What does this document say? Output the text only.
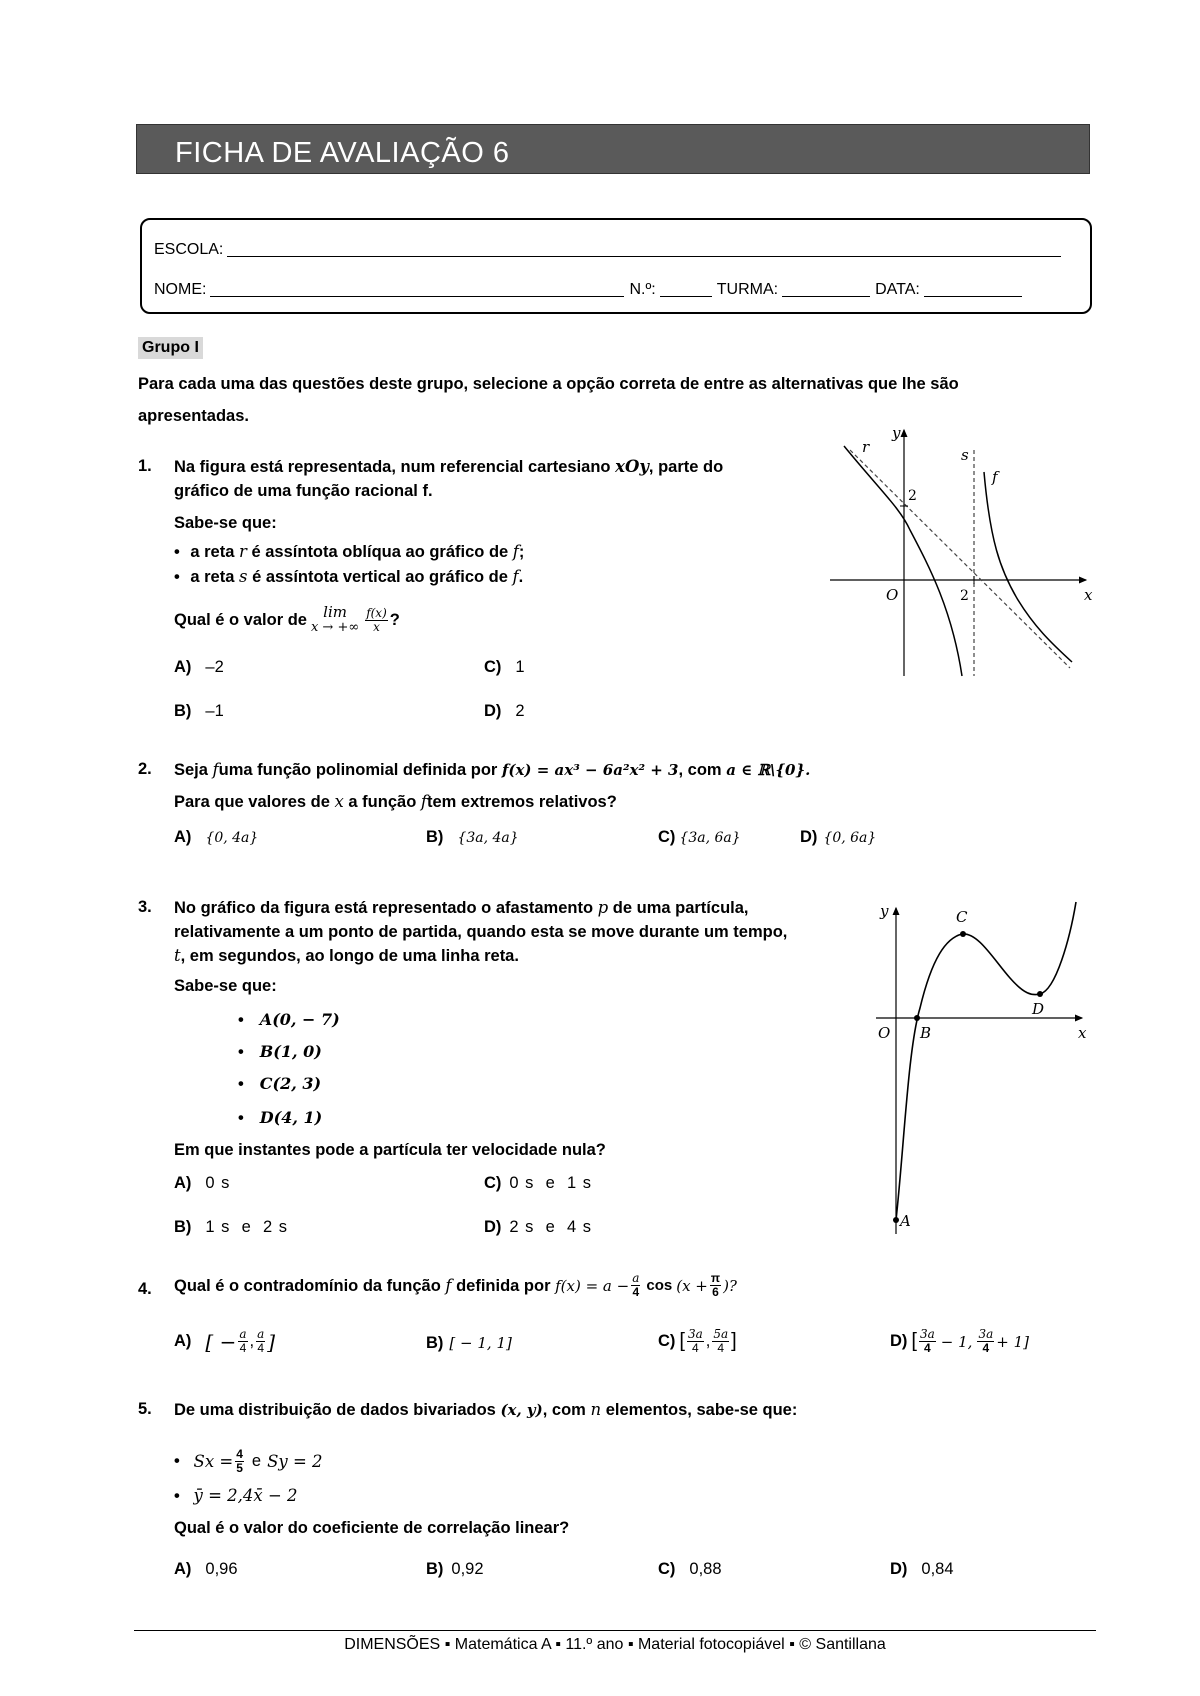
FICHA DE AVALIAÇÃO 6
ESCOLA:
NOME:	N.º:	TURMA:	DATA:
Grupo I
Para cada uma das questões deste grupo, selecione a opção correta de entre as alternativas que lhe são apresentadas.
1. Na figura está representada, num referencial cartesiano xOy, parte do
gráfico de uma função racional f.
Sabe-se que:
• a reta r é assíntota oblíqua ao gráfico de f;
• a reta s é assíntota vertical ao gráfico de f.
Qual é o valor de lim
x → +∞ $\frac{f(x)}{x}$ ?
A) –2	C) 1
B) –1	D) 2
y
x
r	s
f
O
2
2
2. Seja fuma função polinomial definida por f(x) = ax³ − 6a²x² + 3, com a ∈ ℝ\{0}.
Para que valores de x a função ftem extremos relativos?
A) {0, 4a}	B) {3a, 4a}	C) {3a, 6a}	D) {0, 6a}
3. No gráfico da figura está representado o afastamento p de uma partícula,
relativamente a um ponto de partida, quando esta se move durante um tempo,
t, em segundos, ao longo de uma linha reta.
Sabe-se que:
• A(0, − 7)
• B(1, 0)
• C(2, 3)
• D(4, 1)
Em que instantes pode a partícula ter velocidade nula?
A) 0 s	C) 0 s  e  1 s
B) 1 s  e  2 s	D) 2 s  e  4 s
y
x
O
A
B
C
D
4. Qual é o contradomínio da função
f
definida por
$f(x) = a - \frac{a}{4}$ $\cos (x + \frac{\pi}{6}$ )?
A) [ − $\frac{a}{4}$ , $\frac{a}{4}$ ]	B) [ − 1, 1]	C) [ $\frac{3a}{4}$ , $\frac{5a}{4}$ ]	D) [ $\frac{3a}{4} - 1$, $\frac{3a}{4} + 1$]
5. De uma distribuição de dados bivariados (x, y), com n elementos, sabe-se que:
•
$Sx = \frac{4}{5}$ e Sy = 2
• ȳ = 2,4x̄ − 2
Qual é o valor do coeficiente de correlação linear?
A) 0,96	B) 0,92	C) 0,88	D) 0,84
DIMENSÕES ▪ Matemática A ▪ 11.º ano ▪ Material fotocopiável ▪ © Santillana
